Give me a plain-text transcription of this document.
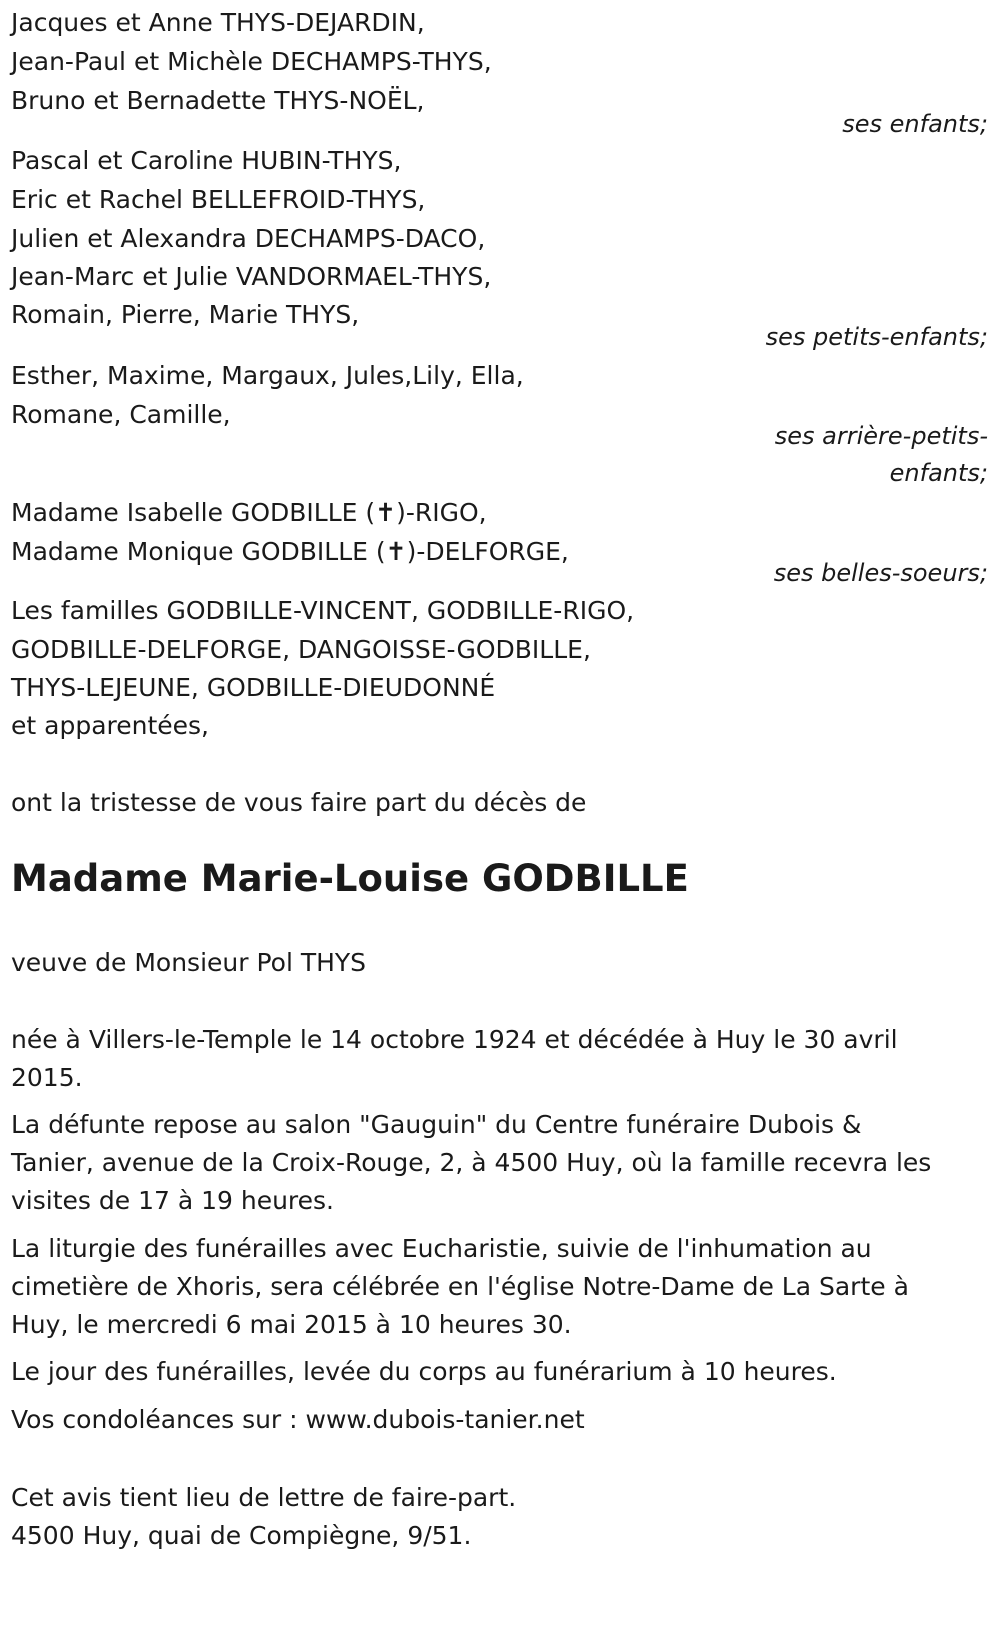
Jacques et Anne THYS-DEJARDIN,
Jean-Paul et Michèle DECHAMPS-THYS,
Bruno et Bernadette THYS-NOËL,
ses enfants;
Pascal et Caroline HUBIN-THYS,
Eric et Rachel BELLEFROID-THYS,
Julien et Alexandra DECHAMPS-DACO,
Jean-Marc et Julie VANDORMAEL-THYS,
Romain, Pierre, Marie THYS,
ses petits-enfants;
Esther, Maxime, Margaux, Jules,Lily, Ella,
Romane, Camille,
ses arrière-petits-
enfants;
Madame Isabelle GODBILLE (✝)-RIGO,
Madame Monique GODBILLE (✝)-DELFORGE,
ses belles-soeurs;
Les familles GODBILLE-VINCENT, GODBILLE-RIGO,
GODBILLE-DELFORGE, DANGOISSE-GODBILLE,
THYS-LEJEUNE, GODBILLE-DIEUDONNÉ
et apparentées,
ont la tristesse de vous faire part du décès de
Madame Marie-Louise GODBILLE
veuve de Monsieur Pol THYS
née à Villers-le-Temple le 14 octobre 1924 et décédée à Huy le 30 avril
2015.
La défunte repose au salon "Gauguin" du Centre funéraire Dubois &
Tanier, avenue de la Croix-Rouge, 2, à 4500 Huy, où la famille recevra les
visites de 17 à 19 heures.
La liturgie des funérailles avec Eucharistie, suivie de l'inhumation au
cimetière de Xhoris, sera célébrée en l'église Notre-Dame de La Sarte à
Huy, le mercredi 6 mai 2015 à 10 heures 30.
Le jour des funérailles, levée du corps au funérarium à 10 heures.
Vos condoléances sur : www.dubois-tanier.net
Cet avis tient lieu de lettre de faire-part.
4500 Huy, quai de Compiègne, 9/51.
